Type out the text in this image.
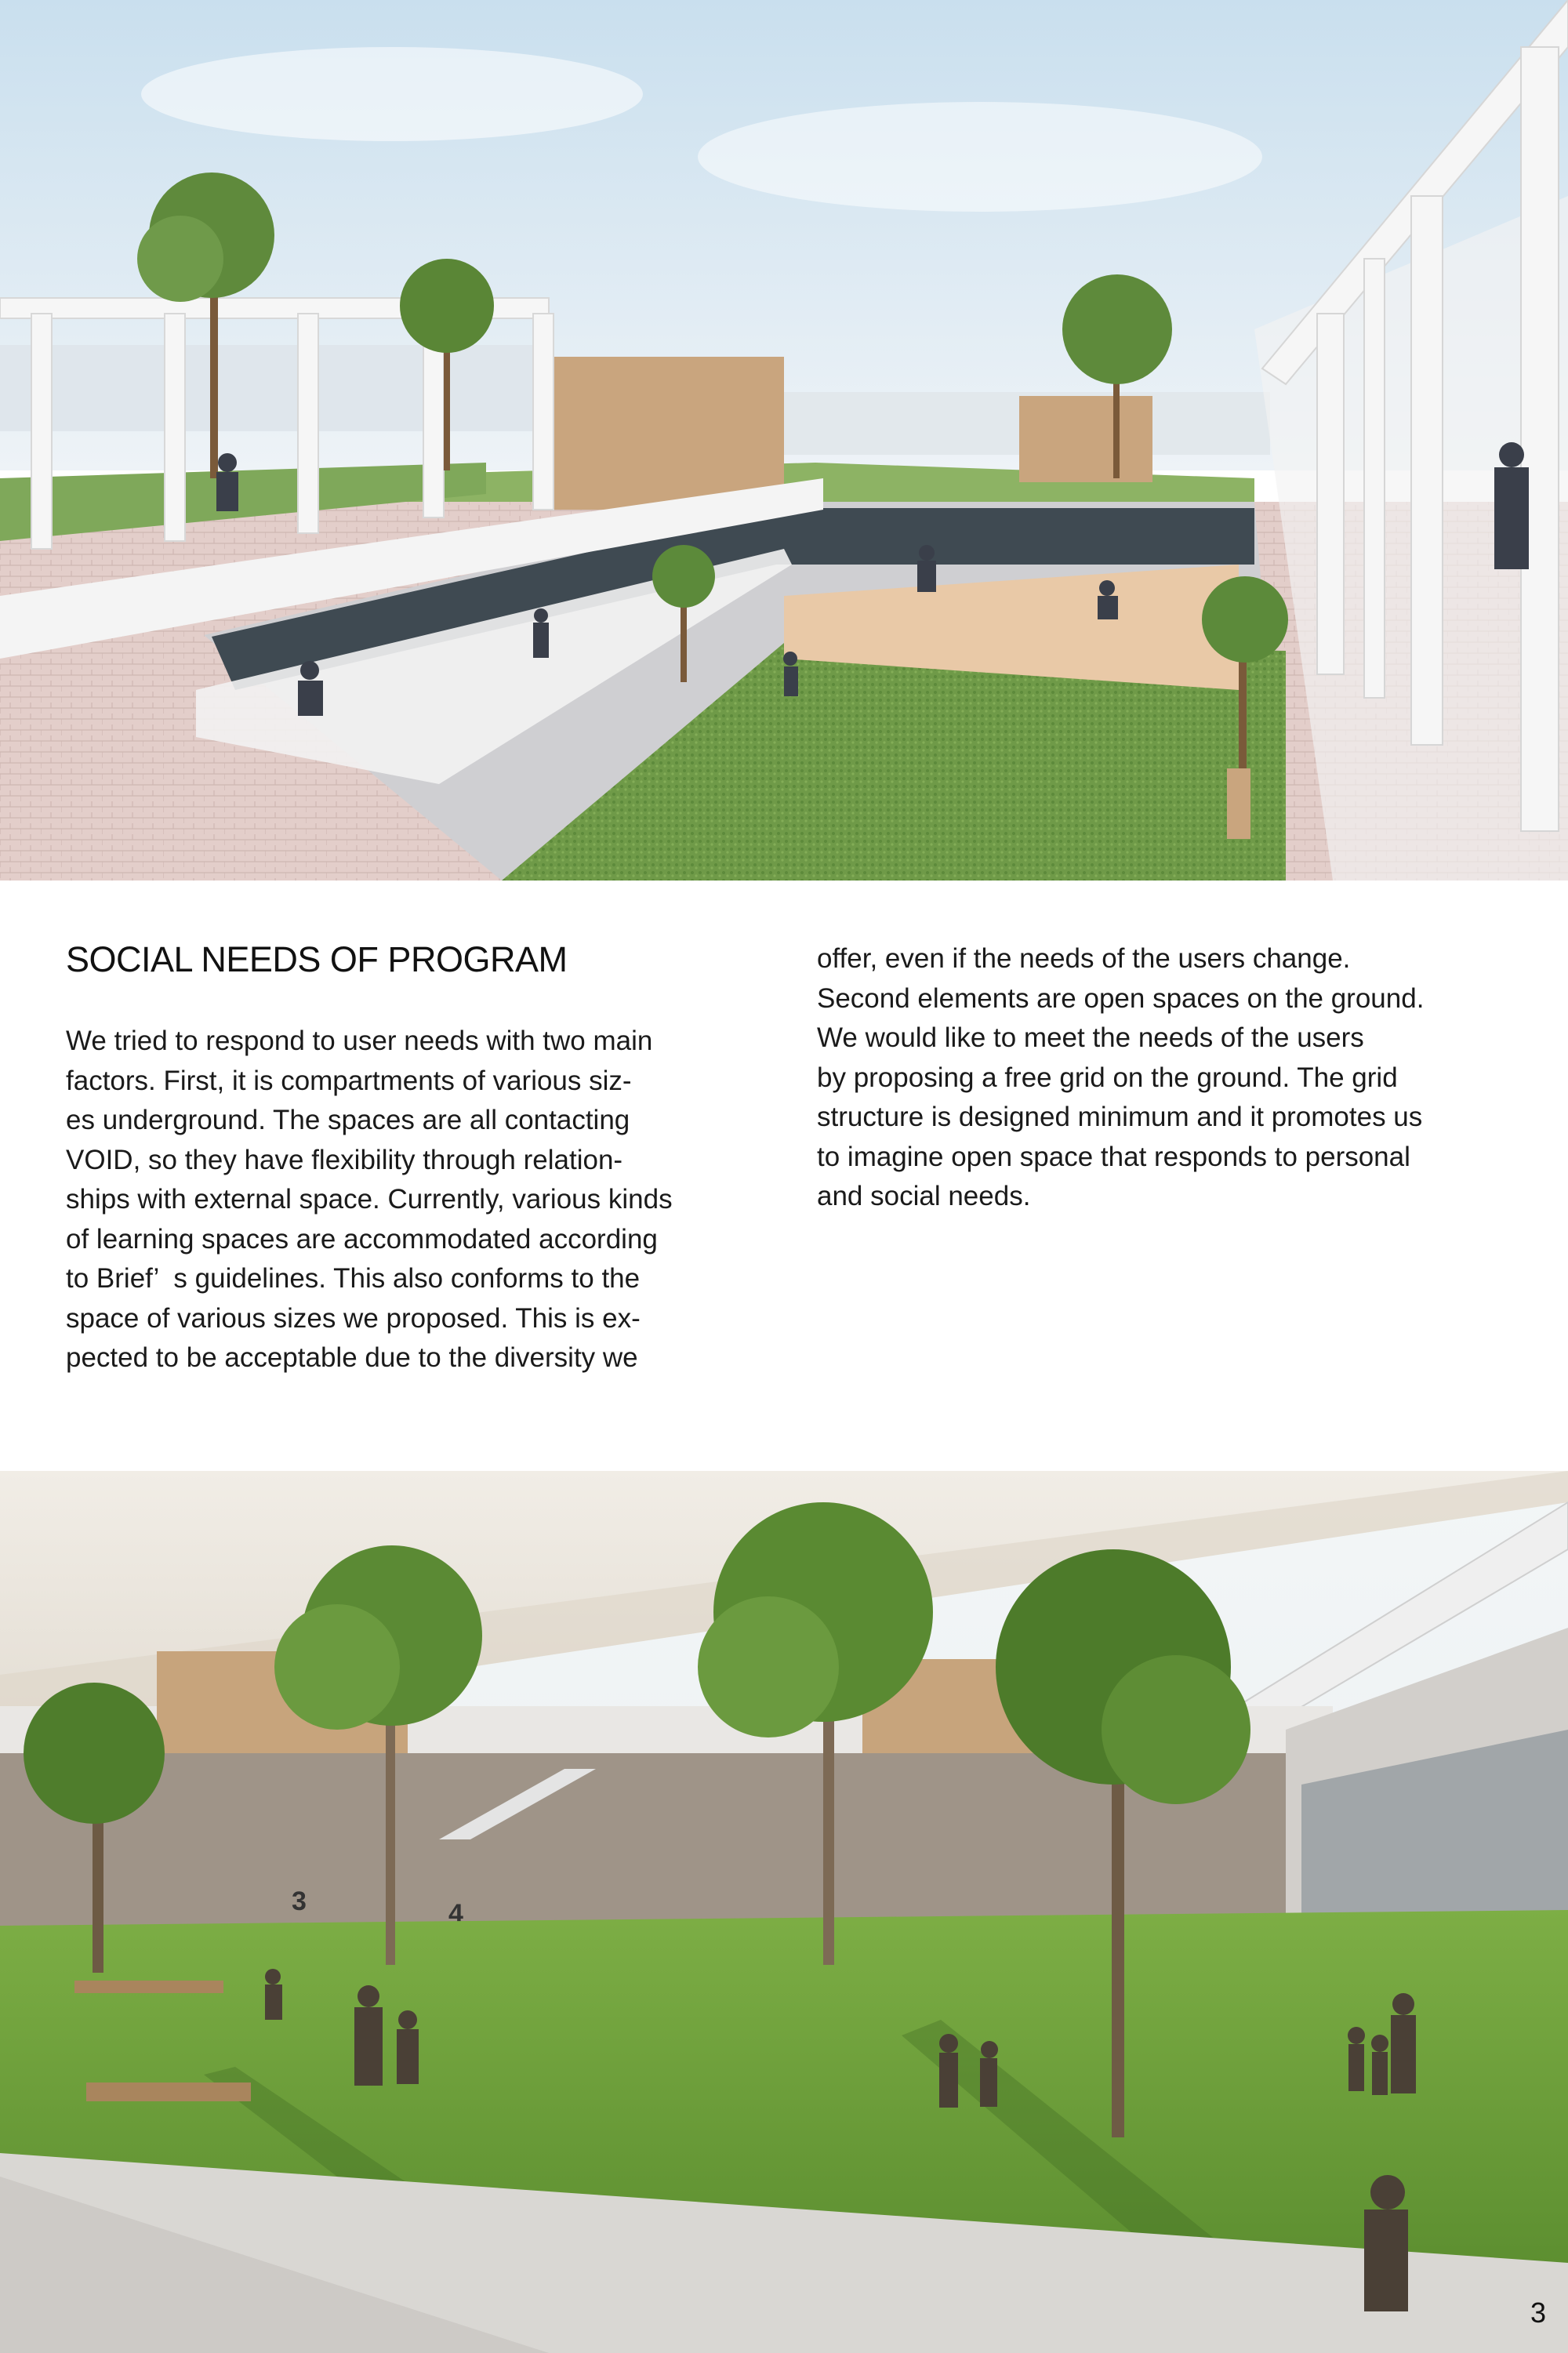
SOCIAL NEEDS OF PROGRAM
We tried to respond to user needs with two main
factors. First, it is compartments of various siz-
es underground. The spaces are all contacting
VOID, so they have flexibility through relation-
ships with external space. Currently, various kinds
of learning spaces are accommodated according
to Brief’  s guidelines. This also conforms to the
space of various sizes we proposed. This is ex-
pected to be acceptable due to the diversity we
offer, even if the needs of the users change.
Second elements are open spaces on the ground.
We would like to meet the needs of the users
by proposing a free grid on the ground. The grid
structure is designed minimum and it promotes us
to imagine open space that responds to personal
and social needs.
3	4
3
